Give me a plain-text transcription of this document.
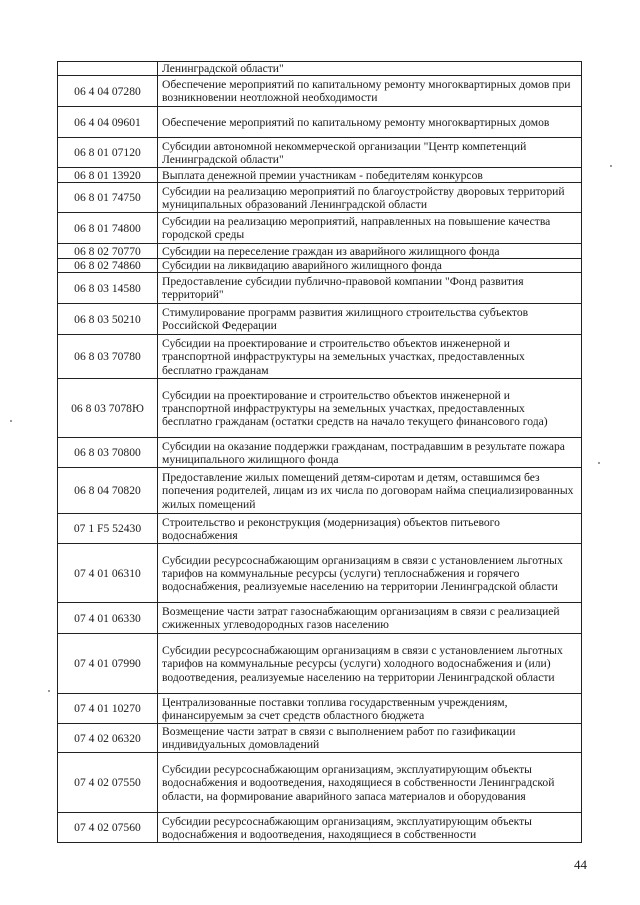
	Ленинградской области"
06 4 04 07280	Обеспечение мероприятий по капитальному ремонту многоквартирных домов при возникновении неотложной необходимости
06 4 04 09601	Обеспечение мероприятий по капитальному ремонту многоквартирных домов
06 8 01 07120	Субсидии автономной некоммерческой организации "Центр компетенций Ленинградской области"
06 8 01 13920	Выплата денежной премии участникам - победителям конкурсов
06 8 01 74750	Субсидии на реализацию мероприятий по благоустройству дворовых территорий муниципальных образований Ленинградской области
06 8 01 74800	Субсидии на реализацию мероприятий, направленных на повышение качества городской среды
06 8 02 70770	Субсидии на переселение граждан из аварийного жилищного фонда
06 8 02 74860	Субсидии на ликвидацию аварийного жилищного фонда
06 8 03 14580	Предоставление субсидии публично-правовой компании "Фонд развития территорий"
06 8 03 50210	Стимулирование программ развития жилищного строительства субъектов Российской Федерации
06 8 03 70780	Субсидии на проектирование и строительство объектов инженерной и транспортной инфраструктуры на земельных участках, предоставленных бесплатно гражданам
06 8 03 7078Ю	Субсидии на проектирование и строительство объектов инженерной и транспортной инфраструктуры на земельных участках, предоставленных бесплатно гражданам (остатки средств на начало текущего финансового года)
06 8 03 70800	Субсидии на оказание поддержки гражданам, пострадавшим в результате пожара муниципального жилищного фонда
06 8 04 70820	Предоставление жилых помещений детям-сиротам и детям, оставшимся без попечения родителей, лицам из их числа по договорам найма специализированных жилых помещений
07 1 F5 52430	Строительство и реконструкция (модернизация) объектов питьевого водоснабжения
07 4 01 06310	Субсидии ресурсоснабжающим организациям в связи с установлением льготных тарифов на коммунальные ресурсы (услуги) теплоснабжения и горячего водоснабжения, реализуемые населению на территории Ленинградской области
07 4 01 06330	Возмещение части затрат газоснабжающим организациям в связи с реализацией сжиженных углеводородных газов населению
07 4 01 07990	Субсидии ресурсоснабжающим организациям в связи с установлением льготных тарифов на коммунальные ресурсы (услуги) холодного водоснабжения и (или) водоотведения, реализуемые населению на территории Ленинградской области
07 4 01 10270	Централизованные поставки топлива государственным учреждениям, финансируемым за счет средств областного бюджета
07 4 02 06320	Возмещение части затрат в связи с выполнением работ по газификации индивидуальных домовладений
07 4 02 07550	Субсидии ресурсоснабжающим организациям, эксплуатирующим объекты водоснабжения и водоотведения, находящиеся в собственности Ленинградской области, на формирование аварийного запаса материалов и оборудования
07 4 02 07560	Субсидии ресурсоснабжающим организациям, эксплуатирующим объекты водоснабжения и водоотведения, находящиеся в собственности
44
